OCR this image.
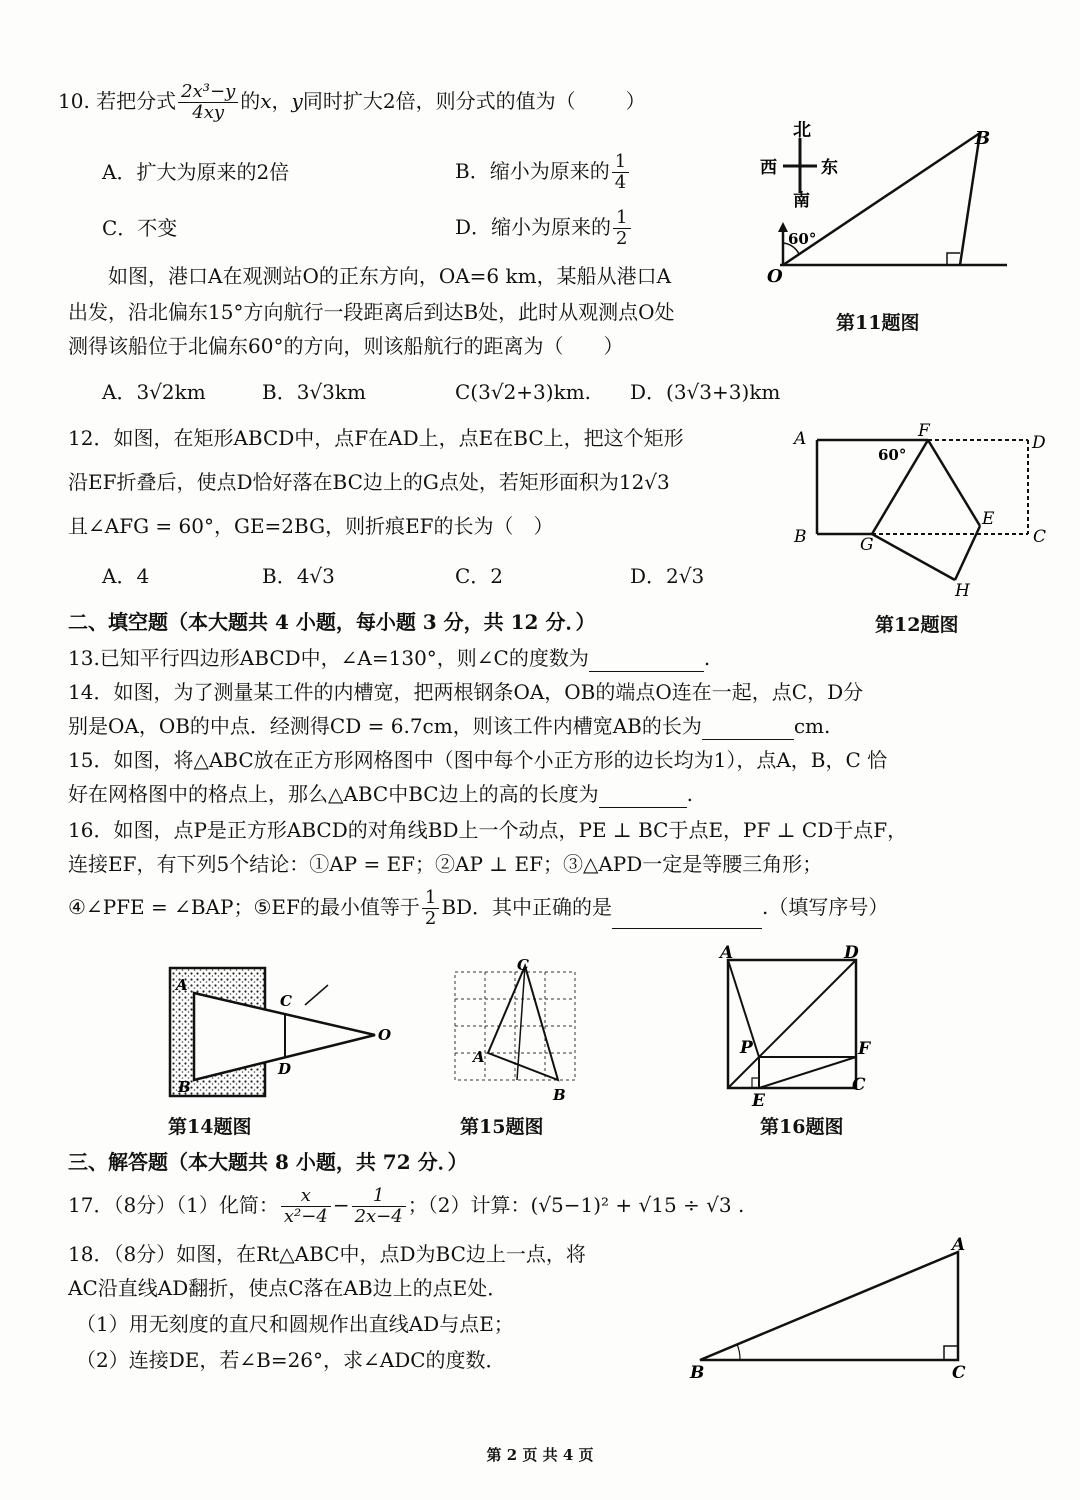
10. 若把分式 $\frac{\text{2x³−y}}{4xy}$ 的x，y同时扩大2倍，则分式的值为（	）
A．扩大为原来的2倍	B．缩小为原来的 $\frac{1}{4}$
C．不变	D．缩小为原来的 $\frac{1}{2}$
北
西	东
南
60°
O
B
第11题图
如图，港口A在观测站O的正东方向，OA=6 km，某船从港口A
出发，沿北偏东15°方向航行一段距离后到达B处，此时从观测点O处
测得该船位于北偏东60°的方向，则该船航行的距离为（　　）
A．3√2km	B．3√3km	C(3√2+3)km. D．(3√3+3)km
12．如图，在矩形ABCD中，点F在AD上，点E在BC上，把这个矩形
沿EF折叠后，使点D恰好落在BC边上的G点处，若矩形面积为12√3
且∠AFG = 60°，GE=2BG，则折痕EF的长为（　）
A．4	B．4√3	C．2	D．2√3
A
B	C
D
E
F
G
H
60°
第12题图
二、填空题（本大题共 4 小题，每小题 3 分，共 12 分．）
13.已知平行四边形ABCD中，∠A=130°，则∠C的度数为	.
14．如图，为了测量某工件的内槽宽，把两根钢条OA，OB的端点O连在一起，点C，D分
别是OA，OB的中点．经测得CD = 6.7cm，则该工件内槽宽AB的长为	cm.
15．如图，将△ABC放在正方形网格图中（图中每个小正方形的边长均为1），点A，B，C 恰
好在网格图中的格点上，那么△ABC中BC边上的高的长度为	.
16．如图，点P是正方形ABCD的对角线BD上一个动点，PE ⊥ BC于点E，PF ⊥ CD于点F，
连接EF，有下列5个结论：①AP = EF；②AP ⊥ EF；③△APD一定是等腰三角形；
④∠PFE = ∠BAP；⑤EF的最小值等于 $\frac{1}{2}$ BD．其中正确的是	.（填写序号）
A
B
C
D
O
第14题图
C
A
B
第15题图
A	D
P	F
E
C
第16题图
三、解答题（本大题共 8 小题，共 72 分．）
17．（8分）（1）化简： $\frac{x}{\text{x²−4}} - \frac{1}{2x-4}$ ；（2）计算：(√5−1)² + √15 ÷ √3 .
18．（8分）如图，在Rt△ABC中，点D为BC边上一点，将
AC沿直线AD翻折，使点C落在AB边上的点E处．
（1）用无刻度的直尺和圆规作出直线AD与点E；
（2）连接DE，若∠B=26°，求∠ADC的度数．
A
B	C
第 2 页 共 4 页
